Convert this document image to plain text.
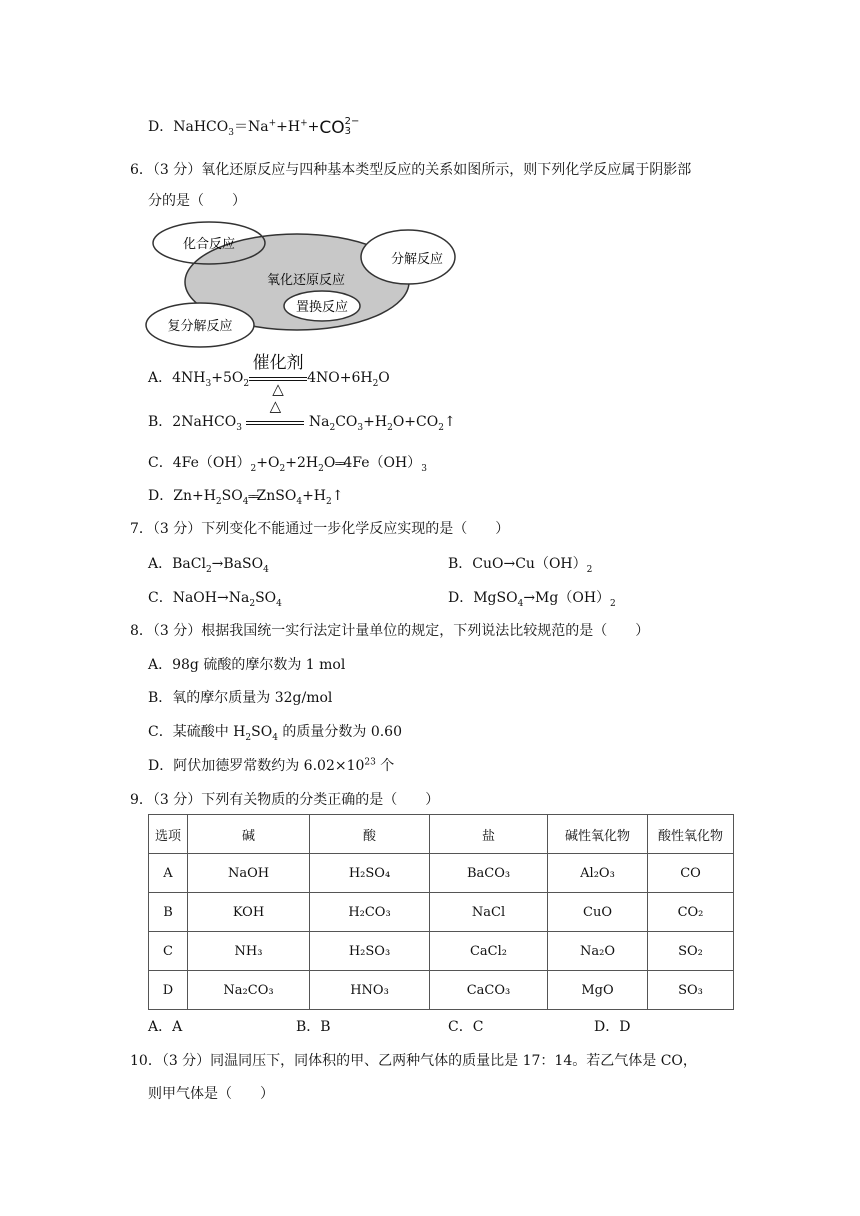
D．NaHCO$_3$＝Na++H++CO 2−
3
6．（3 分）氧化还原反应与四种基本类型反应的关系如图所示，则下列化学反应属于阴影部
分的是（　　）
化合反应
分解反应
氧化还原反应
置换反应
复分解反应
A．$4NH_3+5O_2$
催化剂
△
$4NO+6H_2O$
B．2NaHCO$_3$
△
$Na_2CO_3+H_2O+CO_2↑$
C．$4Fe(OH)_2+O_2+2H_2O══4Fe(OH)_3$
D．$Zn+H_2SO_4══ZnSO_4+H_2↑$
7．（3 分）下列变化不能通过一步化学反应实现的是（　　）
A．BaCl$_2$→BaSO$_4$	B．$CuO\to Cu(OH)_2$
C．$NaOH\to Na_2SO_4$	D．$MgSO_4\to Mg(OH)_2$
8．（3 分）根据我国统一实行法定计量单位的规定，下列说法比较规范的是（　　）
A．98g 硫酸的摩尔数为 1 mol
B．氧的摩尔质量为 32g/mol
C．某硫酸中 $H_2SO_4$ 的质量分数为 0.60
D．阿伏加德罗常数约为 $6.02\times 10^{23}$ 个
9．（3 分）下列有关物质的分类正确的是（　　）
选项	碱	酸	盐	碱性氧化物	酸性氧化物
A	NaOH	H₂SO₄	BaCO₃	Al₂O₃	CO
B	KOH	H₂CO₃	NaCl	CuO	CO₂
C	NH₃	H₂SO₃	CaCl₂	Na₂O	SO₂
D	Na₂CO₃	HNO₃	CaCO₃	MgO	SO₃
A．A	B．B	C．C	D．D
10．（3 分）同温同压下，同体积的甲、乙两种气体的质量比是 17：14。若乙气体是 CO，
则甲气体是（　　）
